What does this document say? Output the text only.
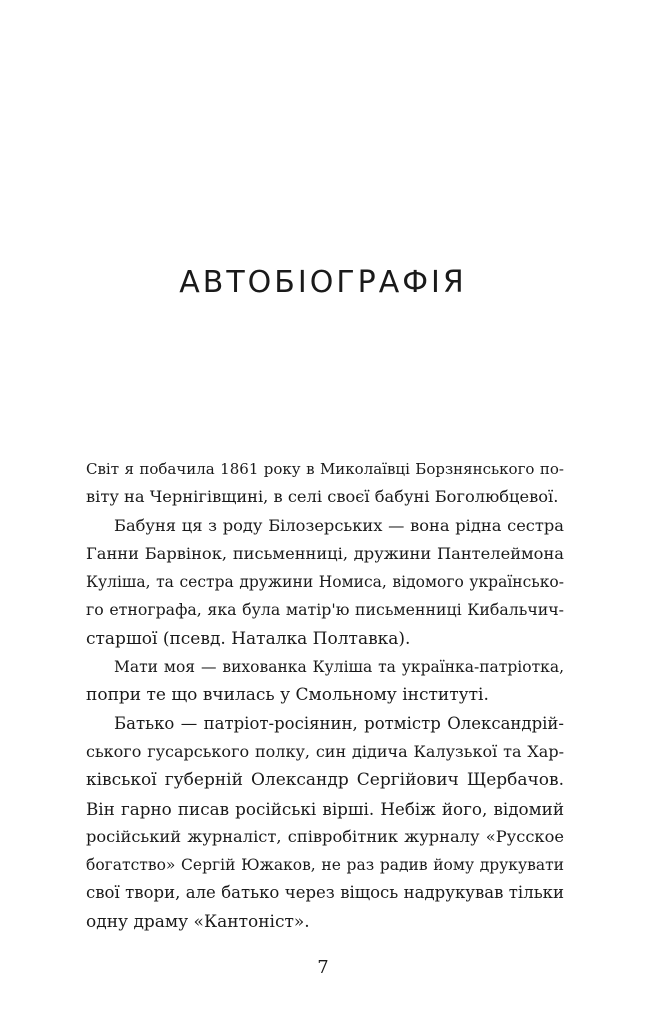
АВТОБІОГРАФІЯ
Світ я побачила 1861 року в Миколаївці Борзнянського по-
віту на Чернігівщині, в селі своєї бабуні Боголюбцевої.
Бабуня ця з роду Білозерських — вона рідна сестра
Ганни Барвінок, письменниці, дружини Пантелеймона
Куліша, та сестра дружини Номиса, відомого українсько-
го етнографа, яка була матір'ю письменниці Кибальчич-
старшої (псевд. Наталка Полтавка).
Мати моя — вихованка Куліша та українка-патріотка,
попри те що вчилась у Смольному інституті.
Батько — патріот-росіянин, ротмістр Олександрій-
ського гусарського полку, син дідича Калузької та Хар-
ківської губерній Олександр Сергійович Щербачов.
Він гарно писав російські вірші. Небіж його, відомий
російський журналіст, співробітник журналу «Русское
богатство» Сергій Южаков, не раз радив йому друкувати
свої твори, але батько через віщось надрукував тільки
одну драму «Кантоніст».
7
